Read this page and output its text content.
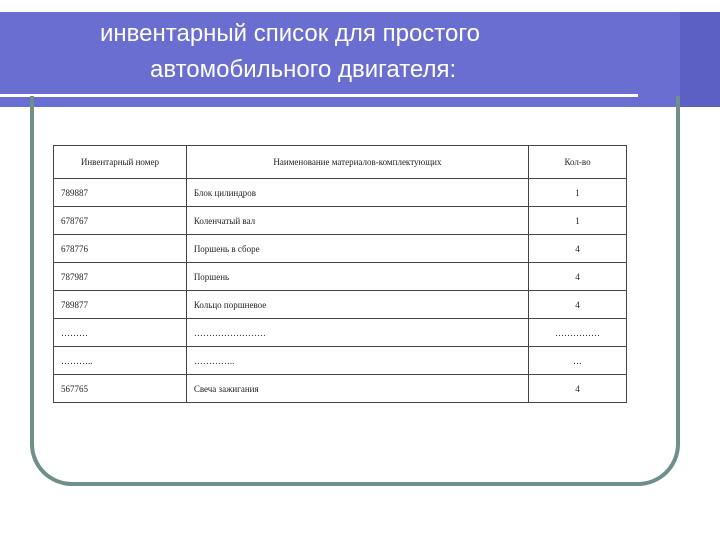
инвентарный список для простого
автомобильного двигателя:
Инвентарный номер	Наименование материалов-комплектующих	Кол-во
789887	Блок цилиндров	1
678767	Коленчатый вал	1
678776	Поршень в сборе	4
787987	Поршень	4
789877	Кольцо поршневое	4
………	……………………	……………
………..	…………..	…
567765	Свеча зажигания	4
